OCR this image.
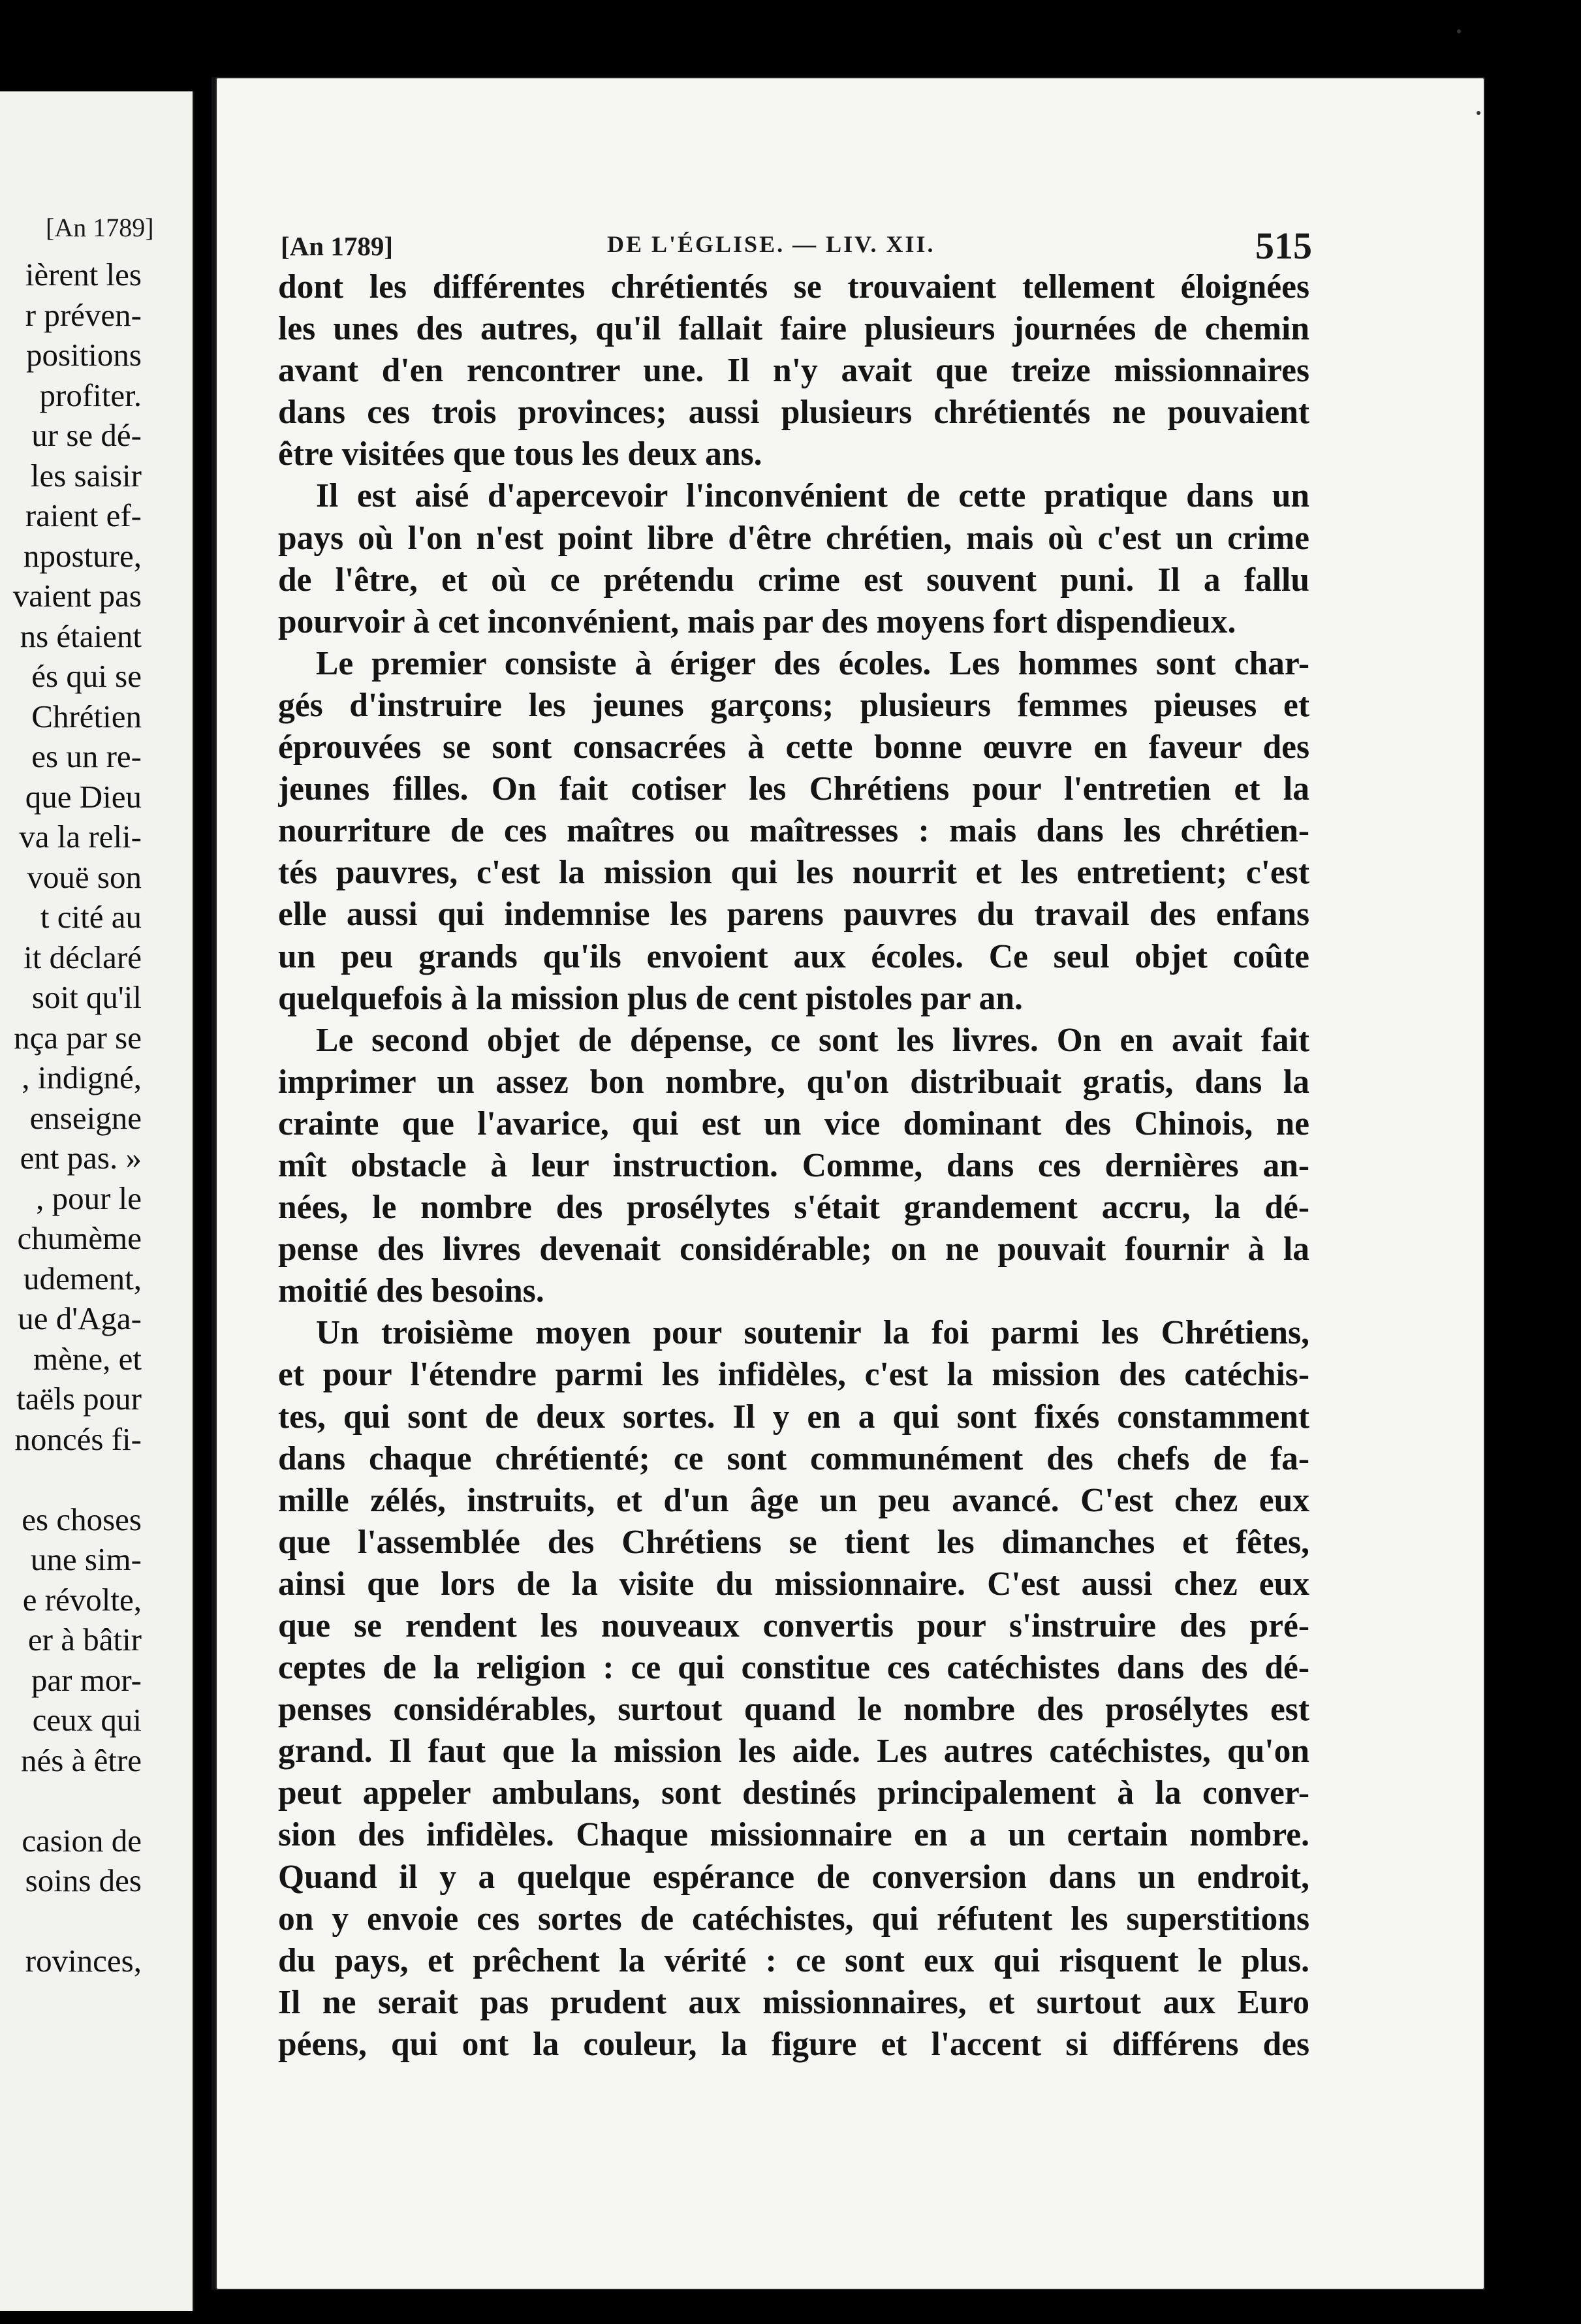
[An 1789]
ièrent les
r préven-
positions
profiter.
ur se dé-
les saisir
raient ef-
nposture,
vaient pas
ns étaient
és qui se
Chrétien
es un re-
que Dieu
va la reli-
vouë son
t cité au
it déclaré
soit qu'il
nça par se
, indigné,
enseigne
ent pas. »
, pour le
chumème
udement,
ue d'Aga-
mène, et
taëls pour
noncés fi-
es choses
une sim-
e révolte,
er à bâtir
par mor-
ceux qui
nés à être
casion de
soins des
rovinces,
[An 1789]	DE L'ÉGLISE. — LIV. XII.	515
dont les différentes chrétientés se trouvaient tellement éloignées
les unes des autres, qu'il fallait faire plusieurs journées de chemin
avant d'en rencontrer une. Il n'y avait que treize missionnaires
dans ces trois provinces; aussi plusieurs chrétientés ne pouvaient
être visitées que tous les deux ans.
Il est aisé d'apercevoir l'inconvénient de cette pratique dans un
pays où l'on n'est point libre d'être chrétien, mais où c'est un crime
de l'être, et où ce prétendu crime est souvent puni. Il a fallu
pourvoir à cet inconvénient, mais par des moyens fort dispendieux.
Le premier consiste à ériger des écoles. Les hommes sont char-
gés d'instruire les jeunes garçons; plusieurs femmes pieuses et
éprouvées se sont consacrées à cette bonne œuvre en faveur des
jeunes filles. On fait cotiser les Chrétiens pour l'entretien et la
nourriture de ces maîtres ou maîtresses : mais dans les chrétien-
tés pauvres, c'est la mission qui les nourrit et les entretient; c'est
elle aussi qui indemnise les parens pauvres du travail des enfans
un peu grands qu'ils envoient aux écoles. Ce seul objet coûte
quelquefois à la mission plus de cent pistoles par an.
Le second objet de dépense, ce sont les livres. On en avait fait
imprimer un assez bon nombre, qu'on distribuait gratis, dans la
crainte que l'avarice, qui est un vice dominant des Chinois, ne
mît obstacle à leur instruction. Comme, dans ces dernières an-
nées, le nombre des prosélytes s'était grandement accru, la dé-
pense des livres devenait considérable; on ne pouvait fournir à la
moitié des besoins.
Un troisième moyen pour soutenir la foi parmi les Chrétiens,
et pour l'étendre parmi les infidèles, c'est la mission des catéchis-
tes, qui sont de deux sortes. Il y en a qui sont fixés constamment
dans chaque chrétienté; ce sont communément des chefs de fa-
mille zélés, instruits, et d'un âge un peu avancé. C'est chez eux
que l'assemblée des Chrétiens se tient les dimanches et fêtes,
ainsi que lors de la visite du missionnaire. C'est aussi chez eux
que se rendent les nouveaux convertis pour s'instruire des pré-
ceptes de la religion : ce qui constitue ces catéchistes dans des dé-
penses considérables, surtout quand le nombre des prosélytes est
grand. Il faut que la mission les aide. Les autres catéchistes, qu'on
peut appeler ambulans, sont destinés principalement à la conver-
sion des infidèles. Chaque missionnaire en a un certain nombre.
Quand il y a quelque espérance de conversion dans un endroit,
on y envoie ces sortes de catéchistes, qui réfutent les superstitions
du pays, et prêchent la vérité : ce sont eux qui risquent le plus.
Il ne serait pas prudent aux missionnaires, et surtout aux Euro
péens, qui ont la couleur, la figure et l'accent si différens des
